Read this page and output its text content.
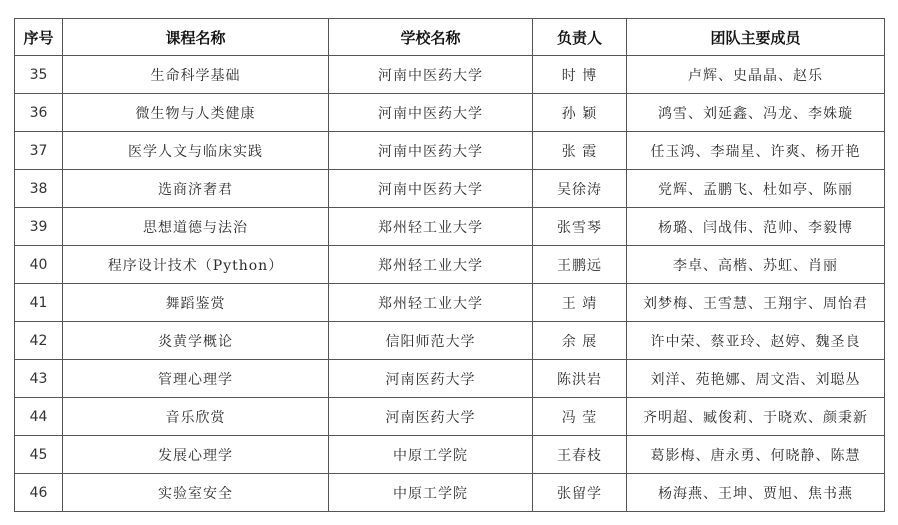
序号	课程名称	学校名称	负责人	团队主要成员
35	生命科学基础	河南中医药大学	时 博	卢辉、史晶晶、赵乐
36	微生物与人类健康	河南中医药大学	孙 颖	鸿雪、刘延鑫、冯龙、李姝璇
37	医学人文与临床实践	河南中医药大学	张 霞	任玉鸿、李瑞星、许爽、杨开艳
38	选商济奢君	河南中医药大学	吴徐涛	党辉、孟鹏飞、杜如亭、陈丽
39	思想道德与法治	郑州轻工业大学	张雪琴	杨璐、闫战伟、范帅、李毅博
40	程序设计技术（Python）	郑州轻工业大学	王鹏远	李卓、高楷、苏虹、肖丽
41	舞蹈鉴赏	郑州轻工业大学	王 靖	刘梦梅、王雪慧、王翔宇、周怡君
42	炎黄学概论	信阳师范大学	余 展	许中荣、蔡亚玲、赵婷、魏圣良
43	管理心理学	河南医药大学	陈洪岩	刘洋、苑艳娜、周文浩、刘聪丛
44	音乐欣赏	河南医药大学	冯 莹	齐明超、臧俊莉、于晓欢、颜秉新
45	发展心理学	中原工学院	王春枝	葛影梅、唐永勇、何晓静、陈慧
46	实验室安全	中原工学院	张留学	杨海燕、王坤、贾旭、焦书燕
